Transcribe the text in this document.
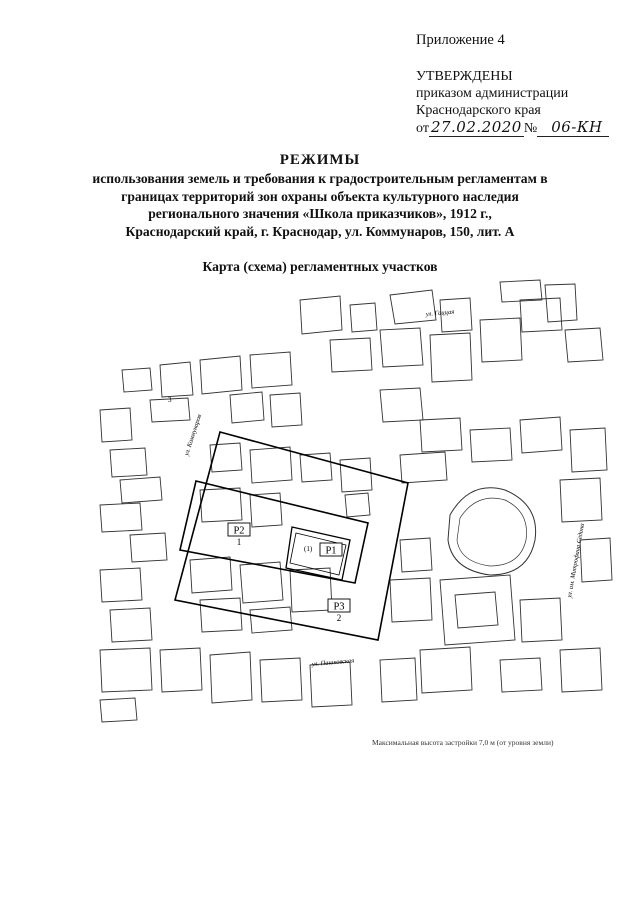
Приложение 4
УТВЕРЖДЕНЫ
приказом администрации
Краснодарского края
от 27.02.2020 № 06-КН
РЕЖИМЫ
использования земель и требования к градостроительным регламентам в
границах территорий зон охраны объекта культурного наследия
регионального значения «Школа приказчиков», 1912 г.,
Краснодарский край, г. Краснодар, ул. Коммунаров, 150, лит. А
Карта (схема) регламентных участков
Р2
1
Р1
Р3
2
(1)
3
ул. Гаццая
ул. Коммунаров
ул. Пашковская
ул. им. Митрофана Седина
Максимальная высота застройки 7,0 м (от уровня земли)
